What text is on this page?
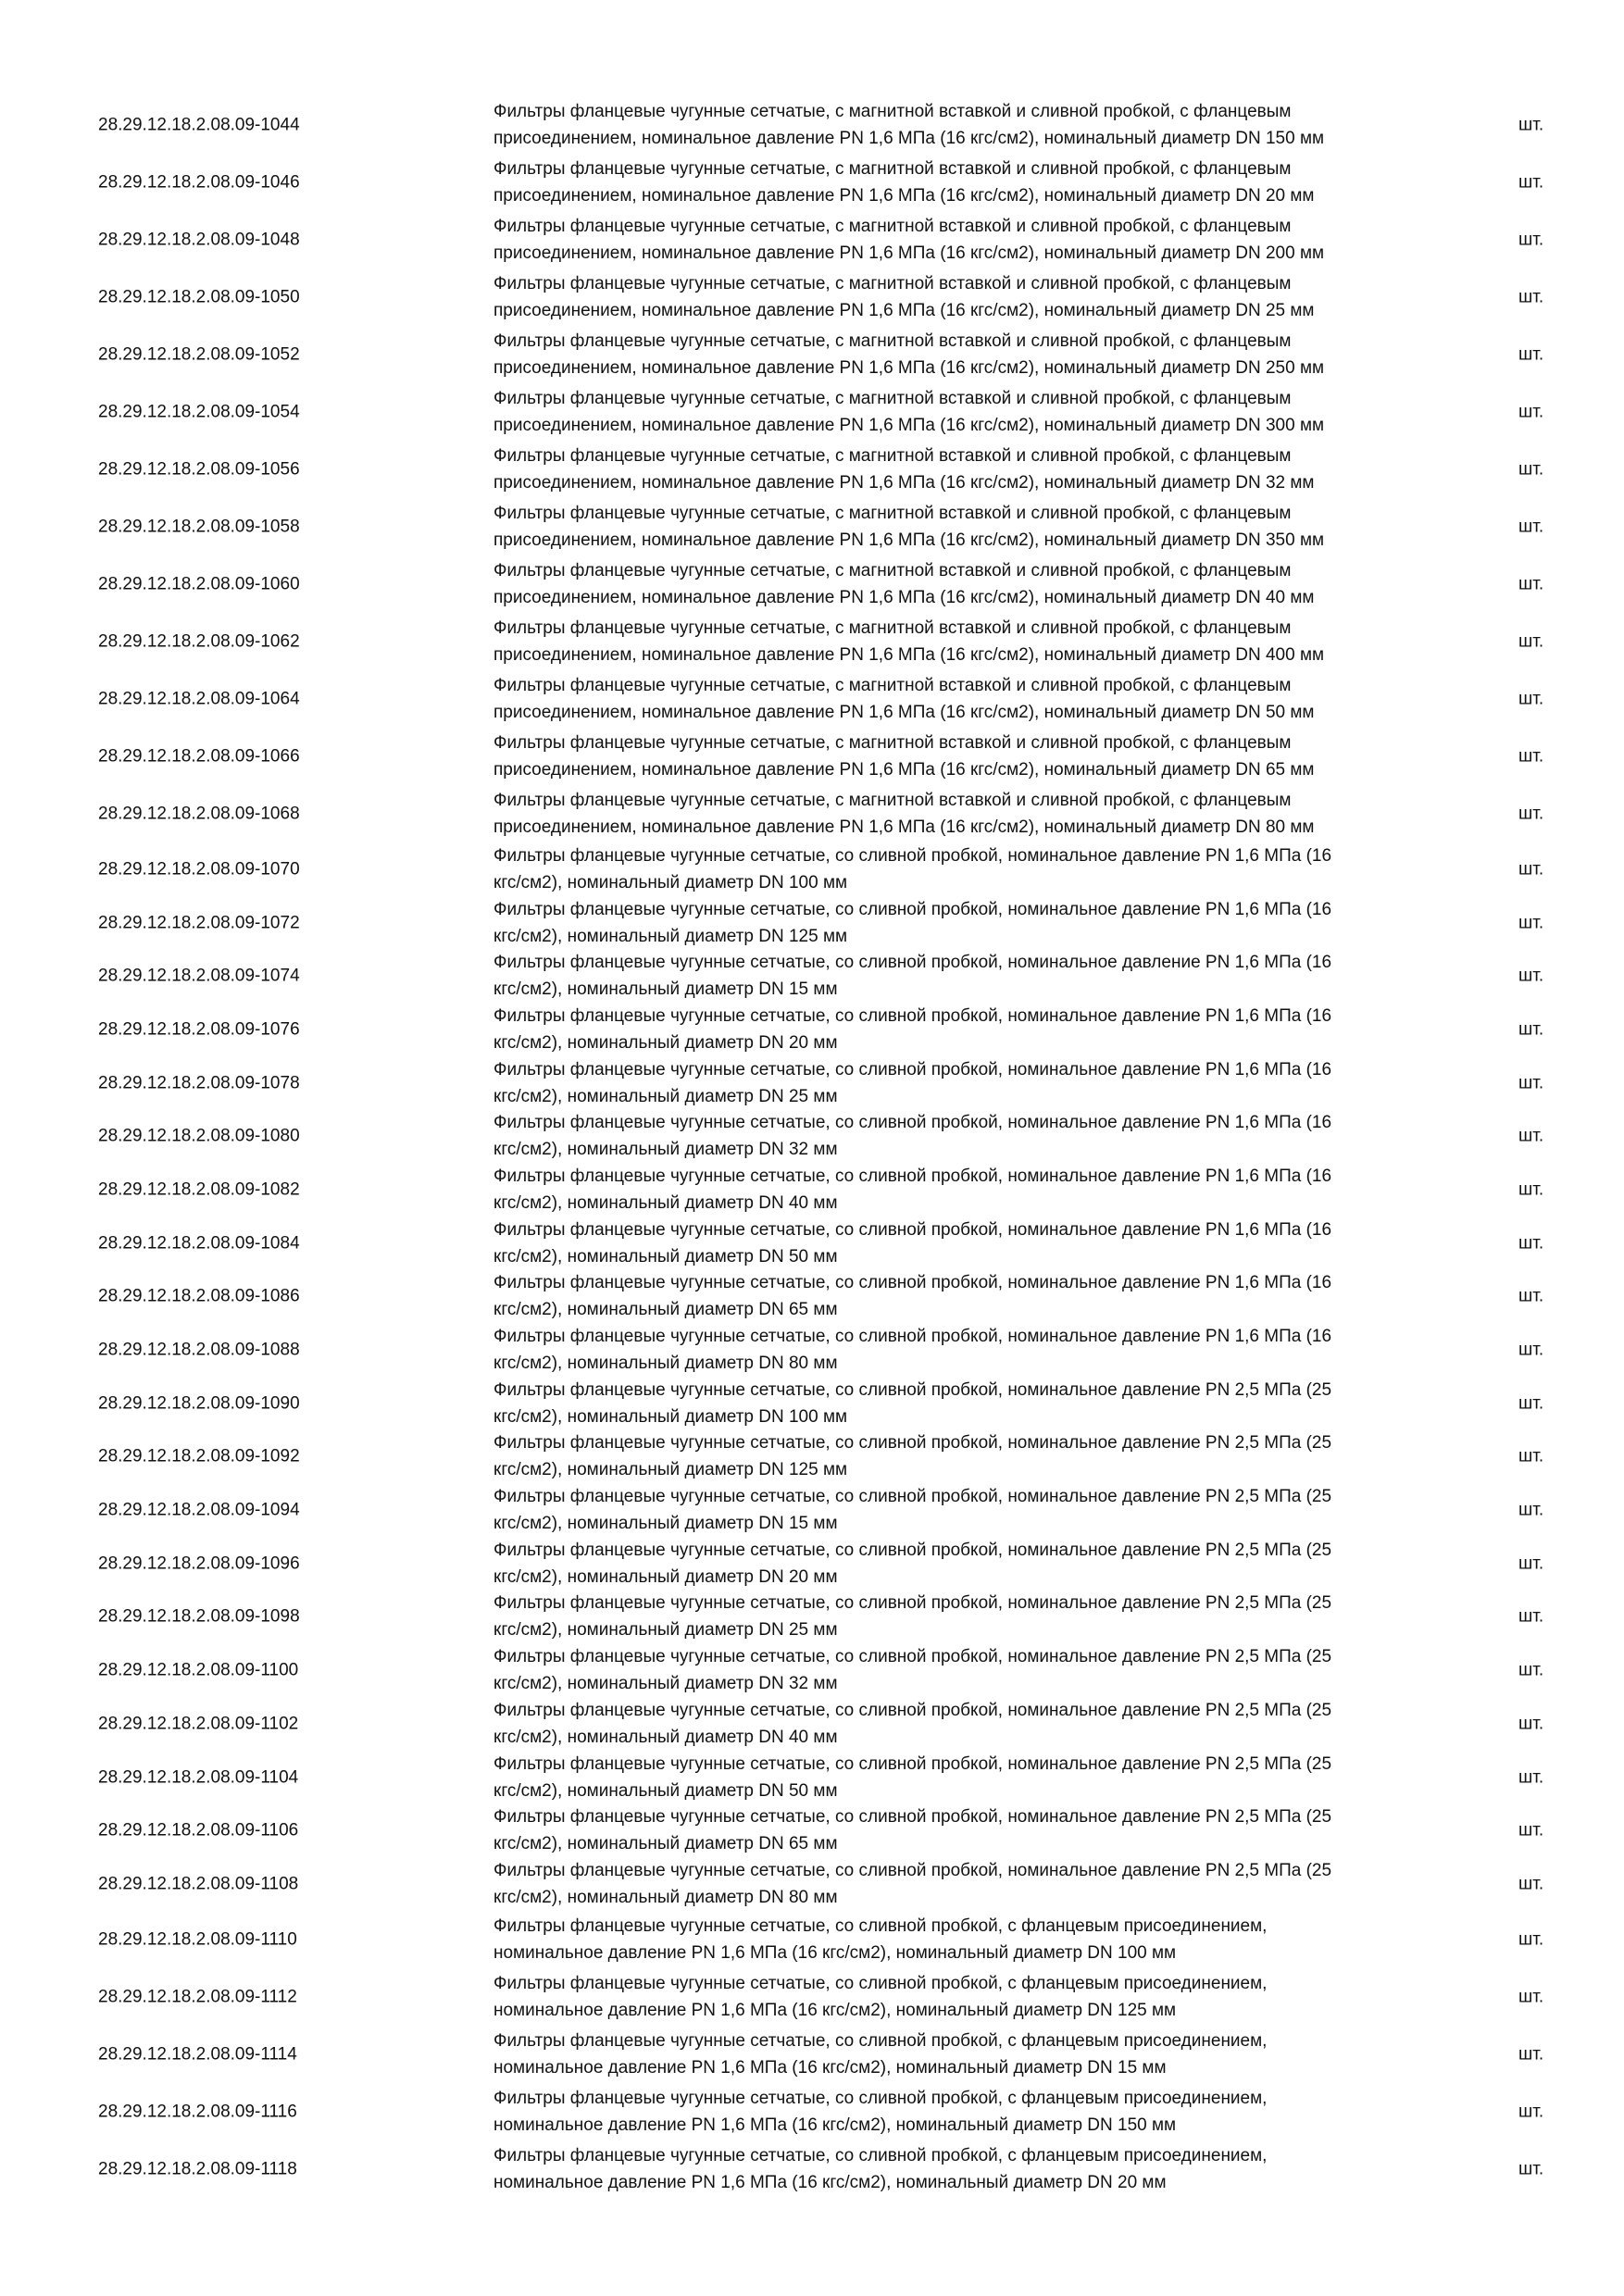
28.29.12.18.2.08.09-1044
Фильтры фланцевые чугунные сетчатые, с магнитной вставкой и сливной пробкой, с фланцевым
присоединением, номинальное давление PN 1,6 МПа (16 кгс/см2), номинальный диаметр DN 150 мм
шт.
28.29.12.18.2.08.09-1046
Фильтры фланцевые чугунные сетчатые, с магнитной вставкой и сливной пробкой, с фланцевым
присоединением, номинальное давление PN 1,6 МПа (16 кгс/см2), номинальный диаметр DN 20 мм
шт.
28.29.12.18.2.08.09-1048
Фильтры фланцевые чугунные сетчатые, с магнитной вставкой и сливной пробкой, с фланцевым
присоединением, номинальное давление PN 1,6 МПа (16 кгс/см2), номинальный диаметр DN 200 мм
шт.
28.29.12.18.2.08.09-1050
Фильтры фланцевые чугунные сетчатые, с магнитной вставкой и сливной пробкой, с фланцевым
присоединением, номинальное давление PN 1,6 МПа (16 кгс/см2), номинальный диаметр DN 25 мм
шт.
28.29.12.18.2.08.09-1052
Фильтры фланцевые чугунные сетчатые, с магнитной вставкой и сливной пробкой, с фланцевым
присоединением, номинальное давление PN 1,6 МПа (16 кгс/см2), номинальный диаметр DN 250 мм
шт.
28.29.12.18.2.08.09-1054
Фильтры фланцевые чугунные сетчатые, с магнитной вставкой и сливной пробкой, с фланцевым
присоединением, номинальное давление PN 1,6 МПа (16 кгс/см2), номинальный диаметр DN 300 мм
шт.
28.29.12.18.2.08.09-1056
Фильтры фланцевые чугунные сетчатые, с магнитной вставкой и сливной пробкой, с фланцевым
присоединением, номинальное давление PN 1,6 МПа (16 кгс/см2), номинальный диаметр DN 32 мм
шт.
28.29.12.18.2.08.09-1058
Фильтры фланцевые чугунные сетчатые, с магнитной вставкой и сливной пробкой, с фланцевым
присоединением, номинальное давление PN 1,6 МПа (16 кгс/см2), номинальный диаметр DN 350 мм
шт.
28.29.12.18.2.08.09-1060
Фильтры фланцевые чугунные сетчатые, с магнитной вставкой и сливной пробкой, с фланцевым
присоединением, номинальное давление PN 1,6 МПа (16 кгс/см2), номинальный диаметр DN 40 мм
шт.
28.29.12.18.2.08.09-1062
Фильтры фланцевые чугунные сетчатые, с магнитной вставкой и сливной пробкой, с фланцевым
присоединением, номинальное давление PN 1,6 МПа (16 кгс/см2), номинальный диаметр DN 400 мм
шт.
28.29.12.18.2.08.09-1064
Фильтры фланцевые чугунные сетчатые, с магнитной вставкой и сливной пробкой, с фланцевым
присоединением, номинальное давление PN 1,6 МПа (16 кгс/см2), номинальный диаметр DN 50 мм
шт.
28.29.12.18.2.08.09-1066
Фильтры фланцевые чугунные сетчатые, с магнитной вставкой и сливной пробкой, с фланцевым
присоединением, номинальное давление PN 1,6 МПа (16 кгс/см2), номинальный диаметр DN 65 мм
шт.
28.29.12.18.2.08.09-1068
Фильтры фланцевые чугунные сетчатые, с магнитной вставкой и сливной пробкой, с фланцевым
присоединением, номинальное давление PN 1,6 МПа (16 кгс/см2), номинальный диаметр DN 80 мм
шт.
28.29.12.18.2.08.09-1070
Фильтры фланцевые чугунные сетчатые, со сливной пробкой, номинальное давление PN 1,6 МПа (16
кгс/см2), номинальный диаметр DN 100 мм
шт.
28.29.12.18.2.08.09-1072
Фильтры фланцевые чугунные сетчатые, со сливной пробкой, номинальное давление PN 1,6 МПа (16
кгс/см2), номинальный диаметр DN 125 мм
шт.
28.29.12.18.2.08.09-1074
Фильтры фланцевые чугунные сетчатые, со сливной пробкой, номинальное давление PN 1,6 МПа (16
кгс/см2), номинальный диаметр DN 15 мм
шт.
28.29.12.18.2.08.09-1076
Фильтры фланцевые чугунные сетчатые, со сливной пробкой, номинальное давление PN 1,6 МПа (16
кгс/см2), номинальный диаметр DN 20 мм
шт.
28.29.12.18.2.08.09-1078
Фильтры фланцевые чугунные сетчатые, со сливной пробкой, номинальное давление PN 1,6 МПа (16
кгс/см2), номинальный диаметр DN 25 мм
шт.
28.29.12.18.2.08.09-1080
Фильтры фланцевые чугунные сетчатые, со сливной пробкой, номинальное давление PN 1,6 МПа (16
кгс/см2), номинальный диаметр DN 32 мм
шт.
28.29.12.18.2.08.09-1082
Фильтры фланцевые чугунные сетчатые, со сливной пробкой, номинальное давление PN 1,6 МПа (16
кгс/см2), номинальный диаметр DN 40 мм
шт.
28.29.12.18.2.08.09-1084
Фильтры фланцевые чугунные сетчатые, со сливной пробкой, номинальное давление PN 1,6 МПа (16
кгс/см2), номинальный диаметр DN 50 мм
шт.
28.29.12.18.2.08.09-1086
Фильтры фланцевые чугунные сетчатые, со сливной пробкой, номинальное давление PN 1,6 МПа (16
кгс/см2), номинальный диаметр DN 65 мм
шт.
28.29.12.18.2.08.09-1088
Фильтры фланцевые чугунные сетчатые, со сливной пробкой, номинальное давление PN 1,6 МПа (16
кгс/см2), номинальный диаметр DN 80 мм
шт.
28.29.12.18.2.08.09-1090
Фильтры фланцевые чугунные сетчатые, со сливной пробкой, номинальное давление PN 2,5 МПа (25
кгс/см2), номинальный диаметр DN 100 мм
шт.
28.29.12.18.2.08.09-1092
Фильтры фланцевые чугунные сетчатые, со сливной пробкой, номинальное давление PN 2,5 МПа (25
кгс/см2), номинальный диаметр DN 125 мм
шт.
28.29.12.18.2.08.09-1094
Фильтры фланцевые чугунные сетчатые, со сливной пробкой, номинальное давление PN 2,5 МПа (25
кгс/см2), номинальный диаметр DN 15 мм
шт.
28.29.12.18.2.08.09-1096
Фильтры фланцевые чугунные сетчатые, со сливной пробкой, номинальное давление PN 2,5 МПа (25
кгс/см2), номинальный диаметр DN 20 мм
шт.
28.29.12.18.2.08.09-1098
Фильтры фланцевые чугунные сетчатые, со сливной пробкой, номинальное давление PN 2,5 МПа (25
кгс/см2), номинальный диаметр DN 25 мм
шт.
28.29.12.18.2.08.09-1100
Фильтры фланцевые чугунные сетчатые, со сливной пробкой, номинальное давление PN 2,5 МПа (25
кгс/см2), номинальный диаметр DN 32 мм
шт.
28.29.12.18.2.08.09-1102
Фильтры фланцевые чугунные сетчатые, со сливной пробкой, номинальное давление PN 2,5 МПа (25
кгс/см2), номинальный диаметр DN 40 мм
шт.
28.29.12.18.2.08.09-1104
Фильтры фланцевые чугунные сетчатые, со сливной пробкой, номинальное давление PN 2,5 МПа (25
кгс/см2), номинальный диаметр DN 50 мм
шт.
28.29.12.18.2.08.09-1106
Фильтры фланцевые чугунные сетчатые, со сливной пробкой, номинальное давление PN 2,5 МПа (25
кгс/см2), номинальный диаметр DN 65 мм
шт.
28.29.12.18.2.08.09-1108
Фильтры фланцевые чугунные сетчатые, со сливной пробкой, номинальное давление PN 2,5 МПа (25
кгс/см2), номинальный диаметр DN 80 мм
шт.
28.29.12.18.2.08.09-1110
Фильтры фланцевые чугунные сетчатые, со сливной пробкой, с фланцевым присоединением,
номинальное давление PN 1,6 МПа (16 кгс/см2), номинальный диаметр DN 100 мм
шт.
28.29.12.18.2.08.09-1112
Фильтры фланцевые чугунные сетчатые, со сливной пробкой, с фланцевым присоединением,
номинальное давление PN 1,6 МПа (16 кгс/см2), номинальный диаметр DN 125 мм
шт.
28.29.12.18.2.08.09-1114
Фильтры фланцевые чугунные сетчатые, со сливной пробкой, с фланцевым присоединением,
номинальное давление PN 1,6 МПа (16 кгс/см2), номинальный диаметр DN 15 мм
шт.
28.29.12.18.2.08.09-1116
Фильтры фланцевые чугунные сетчатые, со сливной пробкой, с фланцевым присоединением,
номинальное давление PN 1,6 МПа (16 кгс/см2), номинальный диаметр DN 150 мм
шт.
28.29.12.18.2.08.09-1118
Фильтры фланцевые чугунные сетчатые, со сливной пробкой, с фланцевым присоединением,
номинальное давление PN 1,6 МПа (16 кгс/см2), номинальный диаметр DN 20 мм
шт.
